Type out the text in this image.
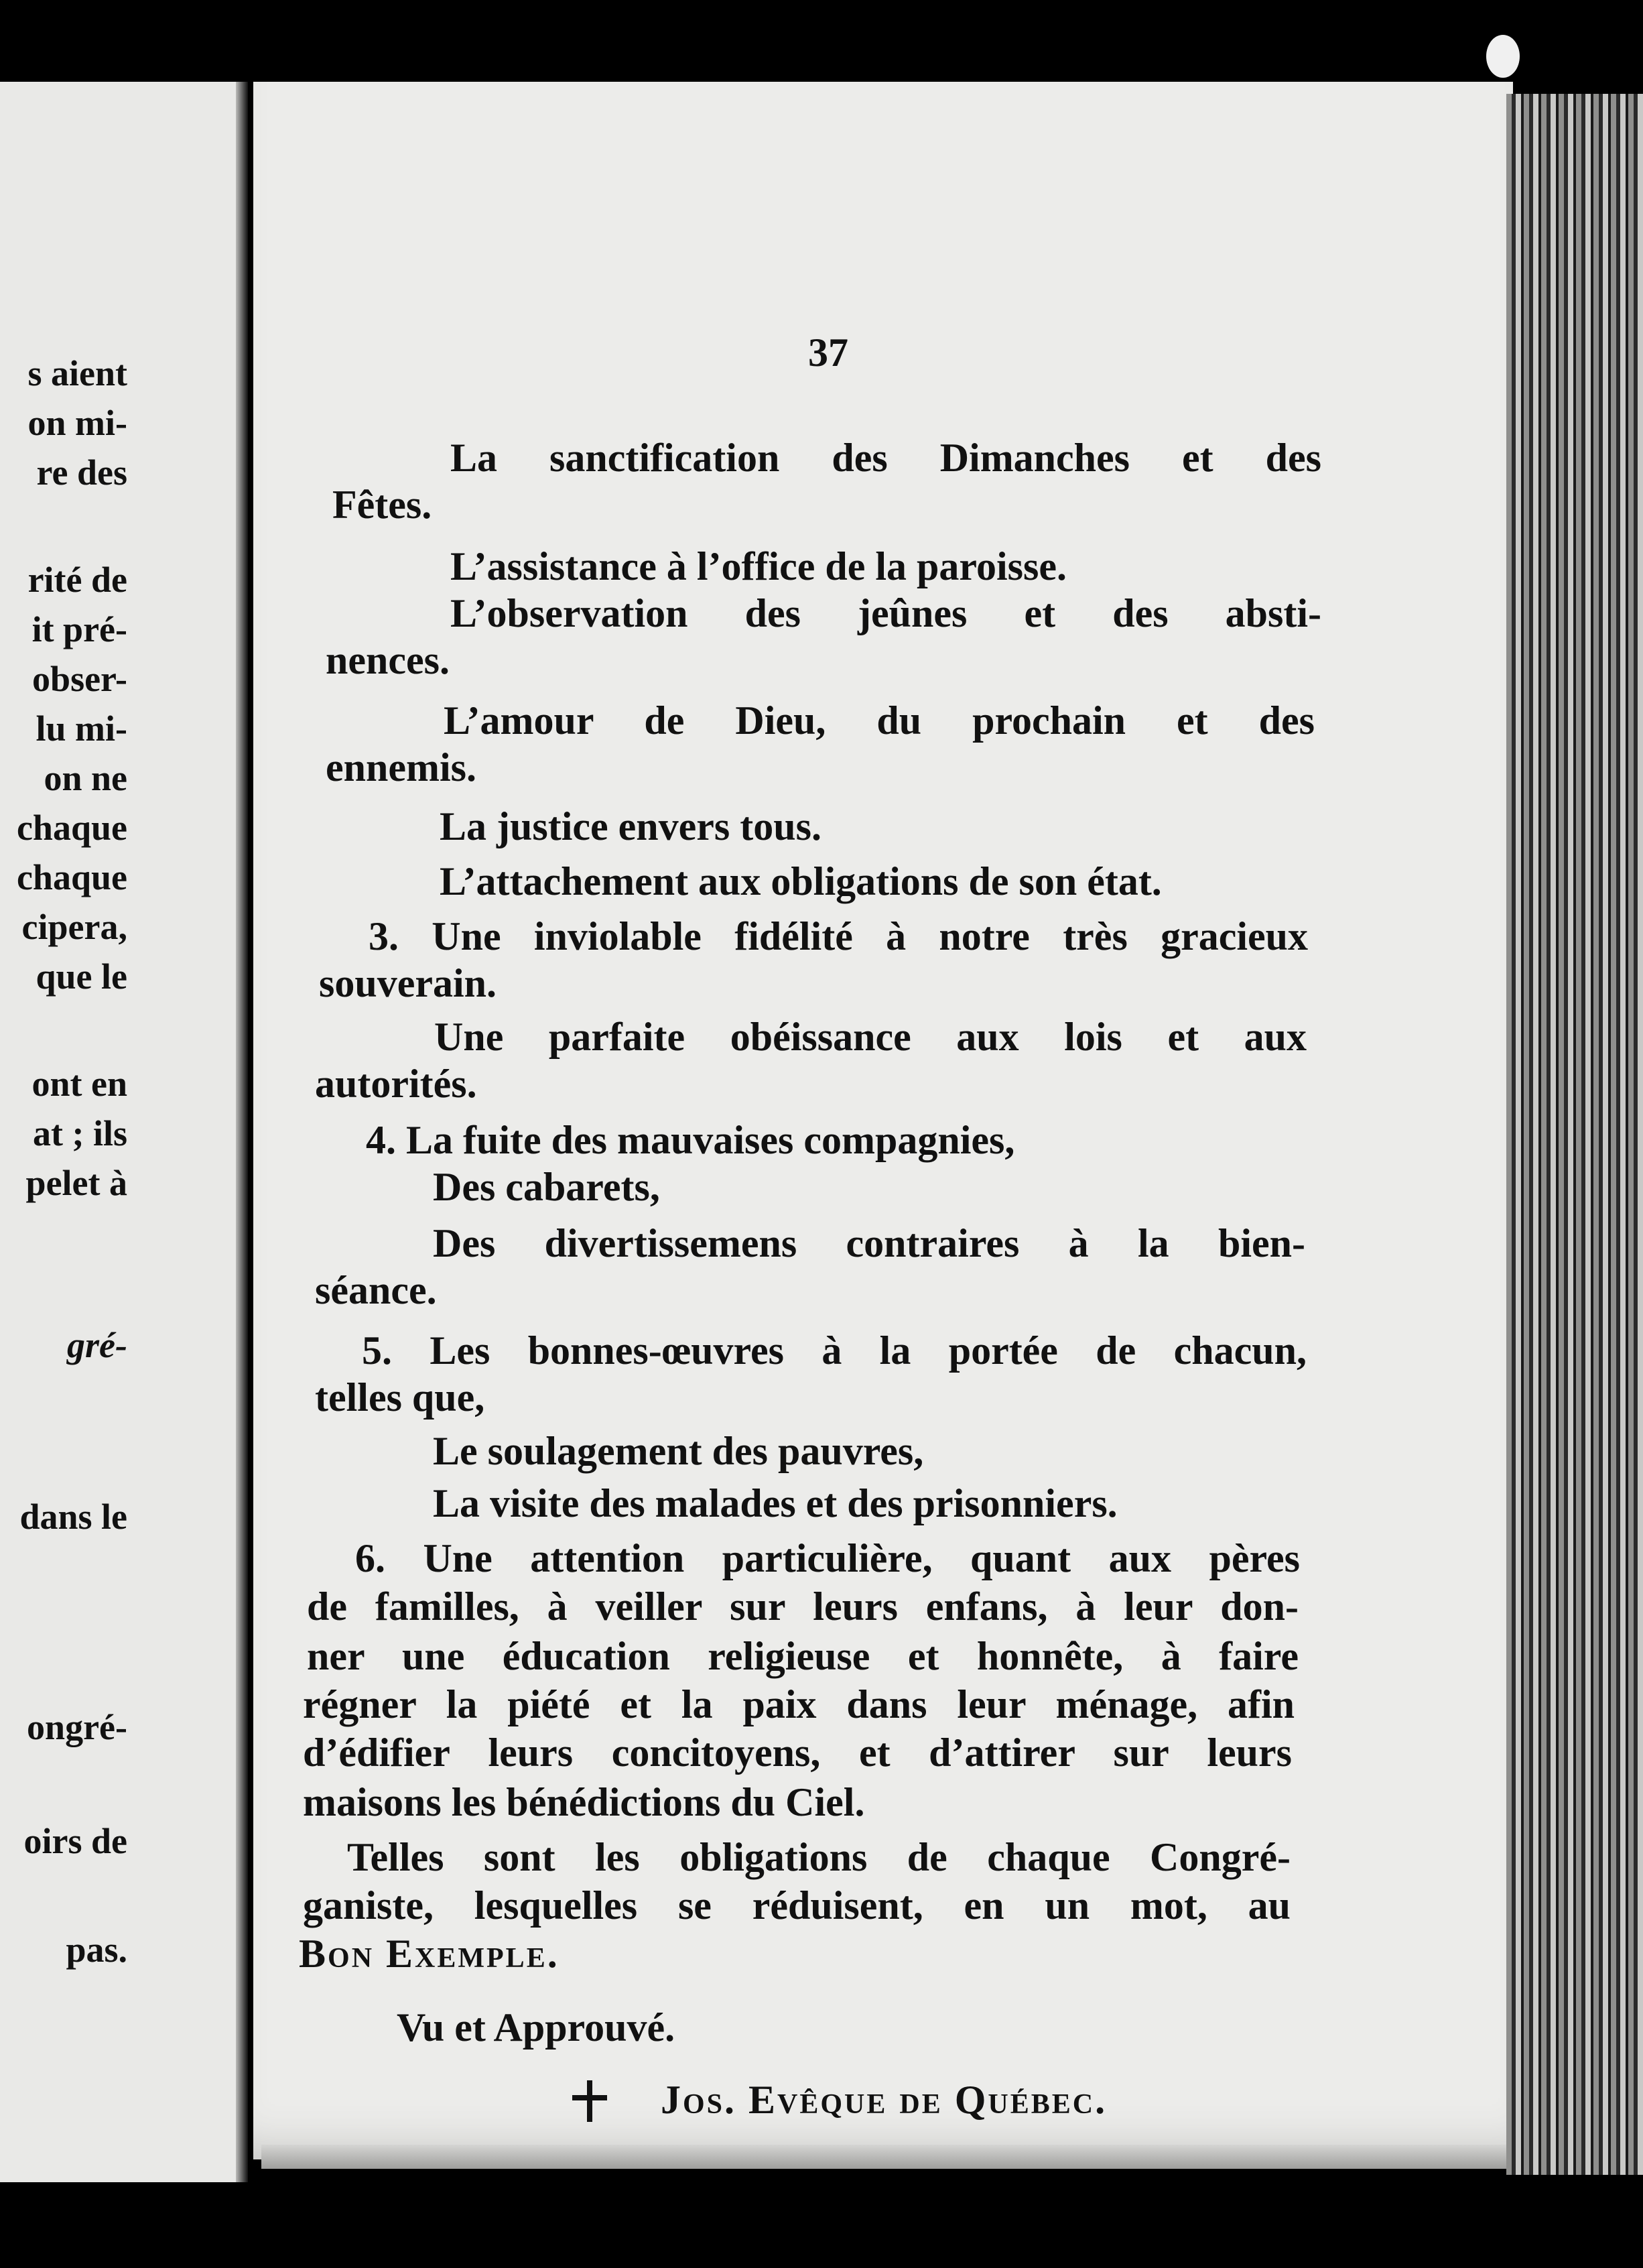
s aient

on mi-

re des

rité de

it pré-

obser-

lu mi-

on ne

chaque

chaque

cipera,

que le

ont en

at ; ils

pelet à

gré-

dans le

ongré-

oirs de

pas.

37

La sanctification des Dimanches et des

Fêtes.

L’assistance à l’office de la paroisse.

L’observation des jeûnes et des absti-

nences.

L’amour de Dieu, du prochain et des

ennemis.

La justice envers tous.

L’attachement aux obligations de son état.

3. Une inviolable fidélité à notre très gracieux

souverain.

Une parfaite obéissance aux lois et aux

autorités.

4. La fuite des mauvaises compagnies,

Des cabarets,

Des divertissemens contraires à la bien-

séance.

5. Les bonnes-œuvres à la portée de chacun,

telles que,

Le soulagement des pauvres,

La visite des malades et des prisonniers.

6. Une attention particulière, quant aux pères

de familles, à veiller sur leurs enfans, à leur don-

ner une éducation religieuse et honnête, à faire

régner la piété et la paix dans leur ménage, afin

d’édifier leurs concitoyens, et d’attirer sur leurs

maisons les bénédictions du Ciel.

Telles sont les obligations de chaque Congré-

ganiste, lesquelles se réduisent, en un mot, au

Bon Exemple.

Vu et Approuvé.

Jos. Evêque de Québec.
